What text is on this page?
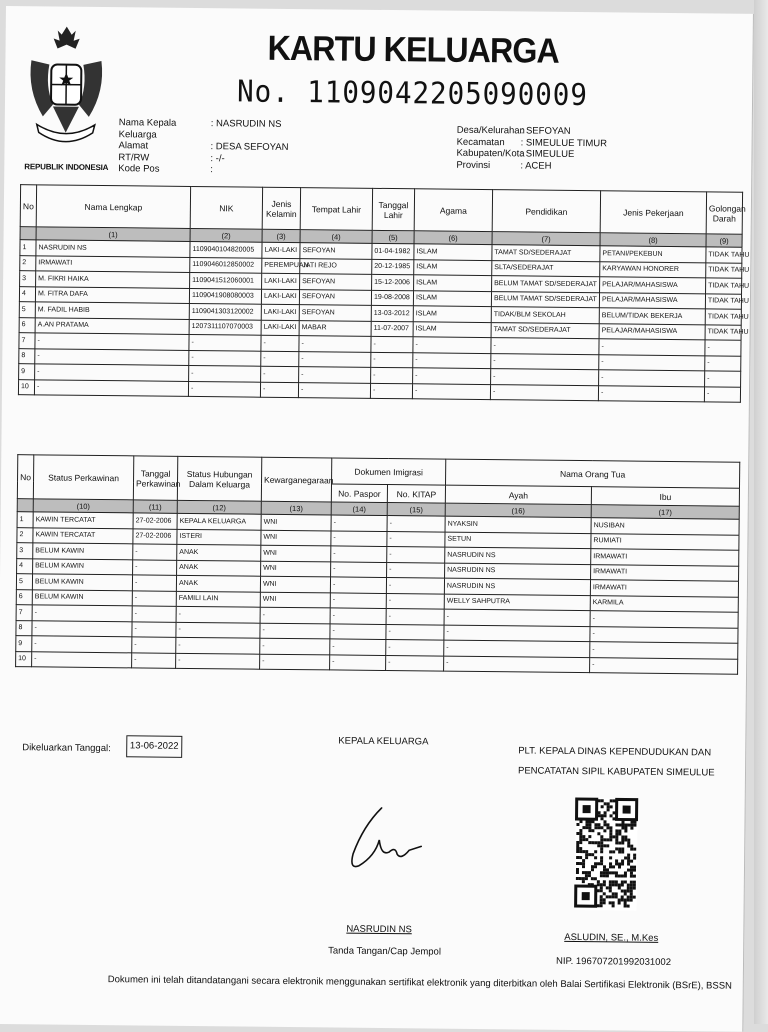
REPUBLIK INDONESIA
KARTU KELUARGA
No. 1109042205090009
Nama Kepala Keluarga
: NASRUDIN NS
Alamat	: DESA SEFOYAN
RT/RW	: -/-
Kode Pos	:
Desa/Kelurahan
: SEFOYAN
Kecamatan	: SIMEULUE TIMUR
Kabupaten/Kota
: SIMEULUE
Provinsi	: ACEH
No	Nama Lengkap	NIK	Jenis Kelamin	Tempat Lahir	Tanggal Lahir	Agama	Pendidikan	Jenis Pekerjaan	Golongan Darah
	(1)	(2)	(3)	(4)	(5)	(6)	(7)	(8)	(9)
1	NASRUDIN NS	1109040104820005	LAKI-LAKI	SEFOYAN	01-04-1982	ISLAM	TAMAT SD/SEDERAJAT	PETANI/PEKEBUN	TIDAK TAHU
2	IRMAWATI	1109046012850002	PEREMPUAN	JATI REJO	20-12-1985	ISLAM	SLTA/SEDERAJAT	KARYAWAN HONORER	TIDAK TAHU
3	M. FIKRI HAIKA	1109041512060001	LAKI-LAKI	SEFOYAN	15-12-2006	ISLAM	BELUM TAMAT SD/SEDERAJAT	PELAJAR/MAHASISWA	TIDAK TAHU
4	M. FITRA DAFA	1109041908080003	LAKI-LAKI	SEFOYAN	19-08-2008	ISLAM	BELUM TAMAT SD/SEDERAJAT	PELAJAR/MAHASISWA	TIDAK TAHU
5	M. FADIL HABIB	1109041303120002	LAKI-LAKI	SEFOYAN	13-03-2012	ISLAM	TIDAK/BLM SEKOLAH	BELUM/TIDAK BEKERJA	TIDAK TAHU
6	A.AN PRATAMA	1207311107070003	LAKI-LAKI	MABAR	11-07-2007	ISLAM	TAMAT SD/SEDERAJAT	PELAJAR/MAHASISWA	TIDAK TAHU
7	-	-	-	-	-	-	-	-	-
8	-	-	-	-	-	-	-	-	-
9	-	-	-	-	-	-	-	-	-
10	-	-	-	-	-	-	-	-	-
No	Status Perkawinan	Tanggal Perkawinan	Status Hubungan Dalam Keluarga	Kewarganegaraan	Dokumen Imigrasi		Nama Orang Tua	
					No. Paspor	No. KITAP	Ayah	Ibu
	(10)	(11)	(12)	(13)	(14)	(15)	(16)	(17)
1	KAWIN TERCATAT	27-02-2006	KEPALA KELUARGA	WNI	-	-	NYAKSIN	NUSIBAN
2	KAWIN TERCATAT	27-02-2006	ISTERI	WNI	-	-	SETUN	RUMIATI
3	BELUM KAWIN	-	ANAK	WNI	-	-	NASRUDIN NS	IRMAWATI
4	BELUM KAWIN	-	ANAK	WNI	-	-	NASRUDIN NS	IRMAWATI
5	BELUM KAWIN	-	ANAK	WNI	-	-	NASRUDIN NS	IRMAWATI
6	BELUM KAWIN	-	FAMILI LAIN	WNI	-	-	WELLY SAHPUTRA	KARMILA
7	-	-	-	-	-	-	-	-
8	-	-	-	-	-	-	-	-
9	-	-	-	-	-	-	-	-
10	-	-	-	-	-	-	-	-
Dikeluarkan Tanggal:	13-06-2022	KEPALA KELUARGA
PLT. KEPALA DINAS KEPENDUDUKAN DAN
PENCATATAN SIPIL KABUPATEN SIMEULUE
NASRUDIN NS
Tanda Tangan/Cap Jempol
ASLUDIN, SE., M.Kes
NIP. 196707201992031002
Dokumen ini telah ditandatangani secara elektronik menggunakan sertifikat elektronik yang diterbitkan oleh Balai Sertifikasi Elektronik (BSrE), BSSN
